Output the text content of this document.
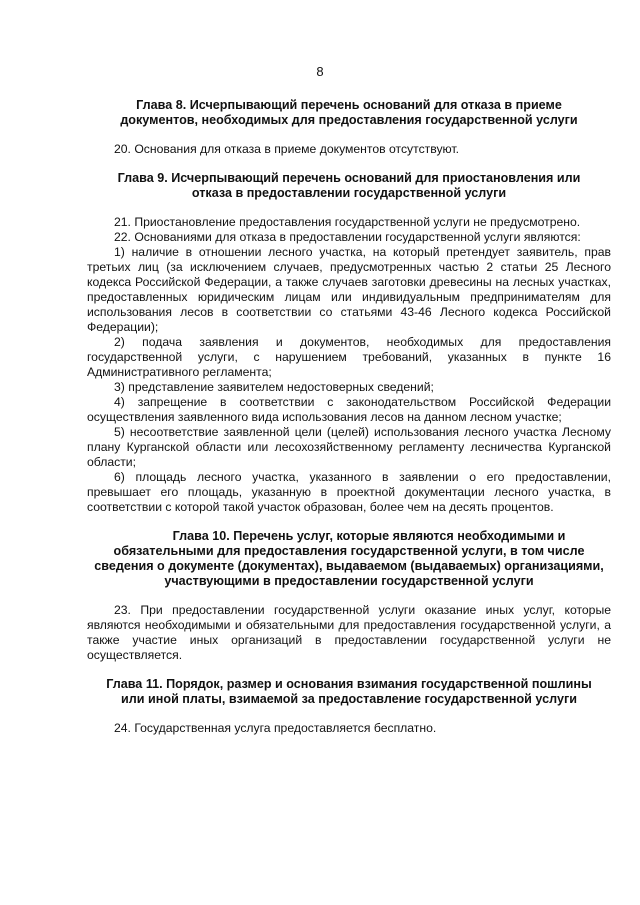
8

Глава 8. Исчерпывающий перечень оснований для отказа в приеме

документов, необходимых для предоставления государственной услуги

20. Основания для отказа в приеме документов отсутствуют.

Глава 9. Исчерпывающий перечень оснований для приостановления или

отказа в предоставлении государственной услуги

21. Приостановление предоставления государственной услуги не предусмотрено.

22. Основаниями для отказа в предоставлении государственной услуги являются:

1) наличие в отношении лесного участка, на который претендует заявитель, прав третьих лиц (за исключением случаев, предусмотренных частью 2 статьи 25 Лесного кодекса Российской Федерации, а также случаев заготовки древесины на лесных участках, предоставленных юридическим лицам или индивидуальным предпринимателям для использования лесов в соответствии со статьями 43-46 Лесного кодекса Российской Федерации);

2) подача заявления и документов, необходимых для предоставления государственной услуги, с нарушением требований, указанных в пункте 16 Административного регламента;

3) представление заявителем недостоверных сведений;

4) запрещение в соответствии с законодательством Российской Федерации осуществления заявленного вида использования лесов на данном лесном участке;

5) несоответствие заявленной цели (целей) использования лесного участка Лесному плану Курганской области или лесохозяйственному регламенту лесничества Курганской области;

6) площадь лесного участка, указанного в заявлении о его предоставлении, превышает его площадь, указанную в проектной документации лесного участка, в соответствии с которой такой участок образован, более чем на десять процентов.

Глава 10. Перечень услуг, которые являются необходимыми и

обязательными для предоставления государственной услуги, в том числе

сведения о документе (документах), выдаваемом (выдаваемых) организациями,

участвующими в предоставлении государственной услуги

23. При предоставлении государственной услуги оказание иных услуг, которые являются необходимыми и обязательными для предоставления государственной услуги, а также участие иных организаций в предоставлении государственной услуги не осуществляется.

Глава 11. Порядок, размер и основания взимания государственной пошлины

или иной платы, взимаемой за предоставление государственной услуги

24. Государственная услуга предоставляется бесплатно.
